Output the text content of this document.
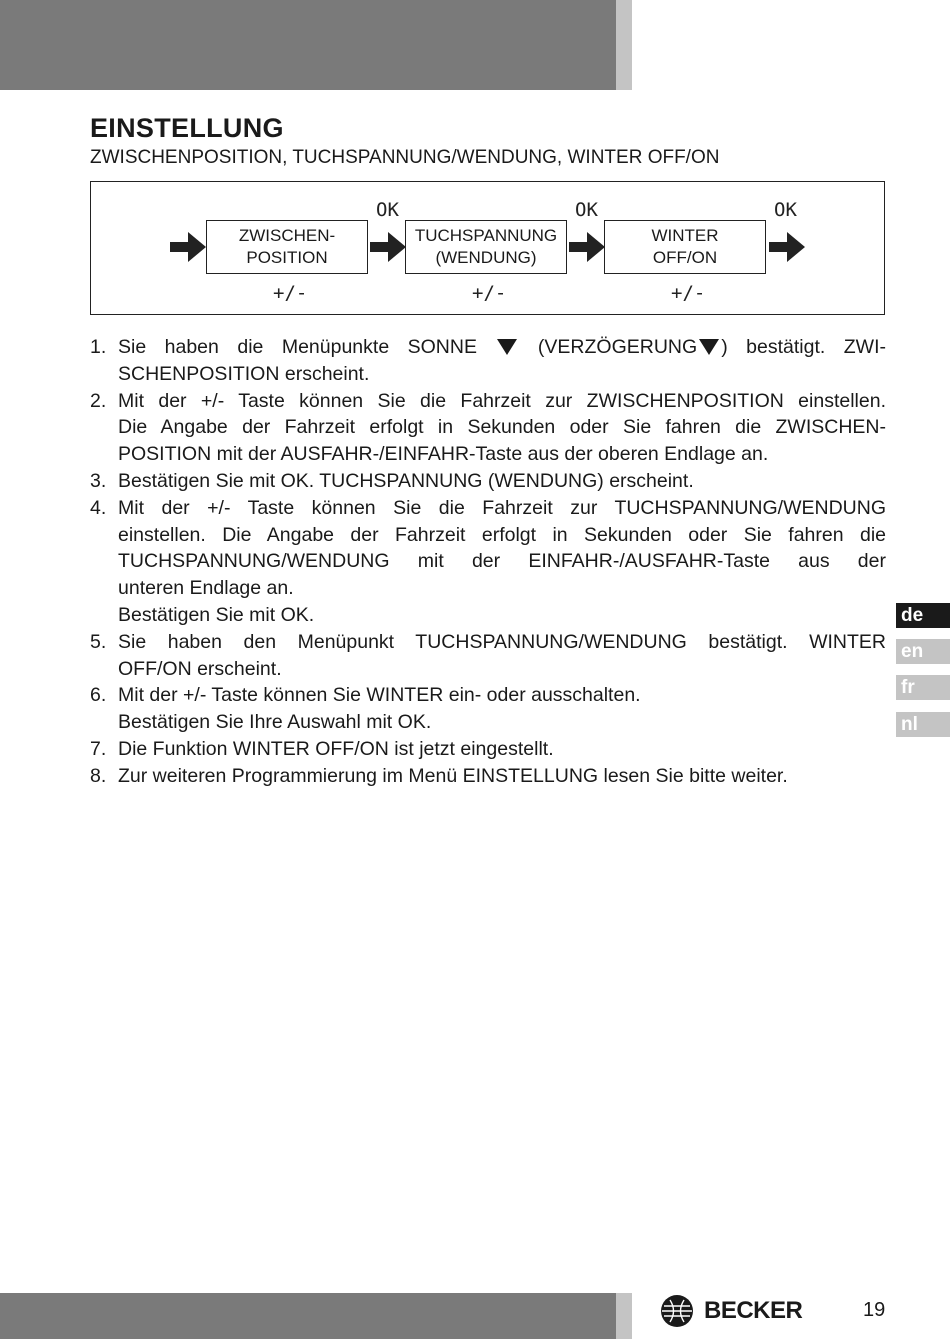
EINSTELLUNG
ZWISCHENPOSITION, TUCHSPANNUNG/WENDUNG, WINTER OFF/ON
ZWISCHEN-
POSITION
TUCHSPANNUNG
(WENDUNG)
WINTER
OFF/ON
OK	OK	OK
+/-	+/-	+/-
1. Sie haben die Menüpunkte SONNE	(VERZÖGERUNG ) bestätigt. ZWI-
SCHENPOSITION erscheint.
2. Mit der +/- Taste können Sie die Fahrzeit zur ZWISCHENPOSITION einstellen.
Die Angabe der Fahrzeit erfolgt in Sekunden oder Sie fahren die ZWISCHEN-
POSITION mit der AUSFAHR-/EINFAHR-Taste aus der oberen Endlage an.
3. Bestätigen Sie mit OK. TUCHSPANNUNG (WENDUNG) erscheint.
4. Mit der +/- Taste können Sie die Fahrzeit zur TUCHSPANNUNG/WENDUNG
einstellen. Die Angabe der Fahrzeit erfolgt in Sekunden oder Sie fahren die
TUCHSPANNUNG/WENDUNG mit der EINFAHR-/AUSFAHR-Taste aus der
unteren Endlage an.
Bestätigen Sie mit OK.
5. Sie haben den Menüpunkt TUCHSPANNUNG/WENDUNG bestätigt. WINTER
OFF/ON erscheint.
6. Mit der +/- Taste können Sie WINTER ein- oder ausschalten.
Bestätigen Sie Ihre Auswahl mit OK.
7. Die Funktion WINTER OFF/ON ist jetzt eingestellt.
8. Zur weiteren Programmierung im Menü EINSTELLUNG lesen Sie bitte weiter.
de
en
fr
nl
BECKER	19
